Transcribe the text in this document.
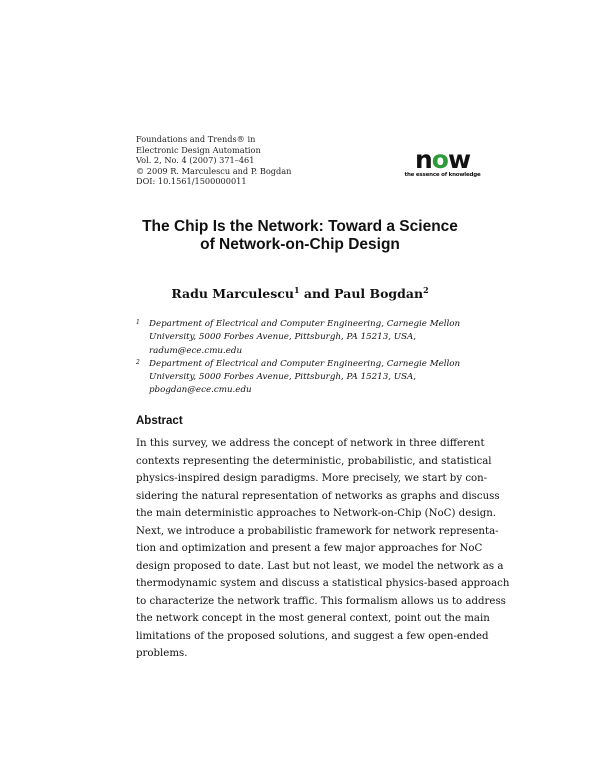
Foundations and Trends® in
Electronic Design Automation
Vol. 2, No. 4 (2007) 371–461
© 2009 R. Marculescu and P. Bogdan
DOI: 10.1561/1500000011
now
the essence of knowledge
The Chip Is the Network: Toward a Science
of Network-on-Chip Design
Radu Marculescu$^1$ and Paul Bogdan$^2$
1 Department of Electrical and Computer Engineering, Carnegie Mellon
University, 5000 Forbes Avenue, Pittsburgh, PA 15213, USA,
radum@ece.cmu.edu
2 Department of Electrical and Computer Engineering, Carnegie Mellon
University, 5000 Forbes Avenue, Pittsburgh, PA 15213, USA,
pbogdan@ece.cmu.edu
Abstract
In this survey, we address the concept of network in three different
contexts representing the deterministic, probabilistic, and statistical
physics-inspired design paradigms. More precisely, we start by con-
sidering the natural representation of networks as graphs and discuss
the main deterministic approaches to Network-on-Chip (NoC) design.
Next, we introduce a probabilistic framework for network representa-
tion and optimization and present a few major approaches for NoC
design proposed to date. Last but not least, we model the network as a
thermodynamic system and discuss a statistical physics-based approach
to characterize the network traffic. This formalism allows us to address
the network concept in the most general context, point out the main
limitations of the proposed solutions, and suggest a few open-ended
problems.
